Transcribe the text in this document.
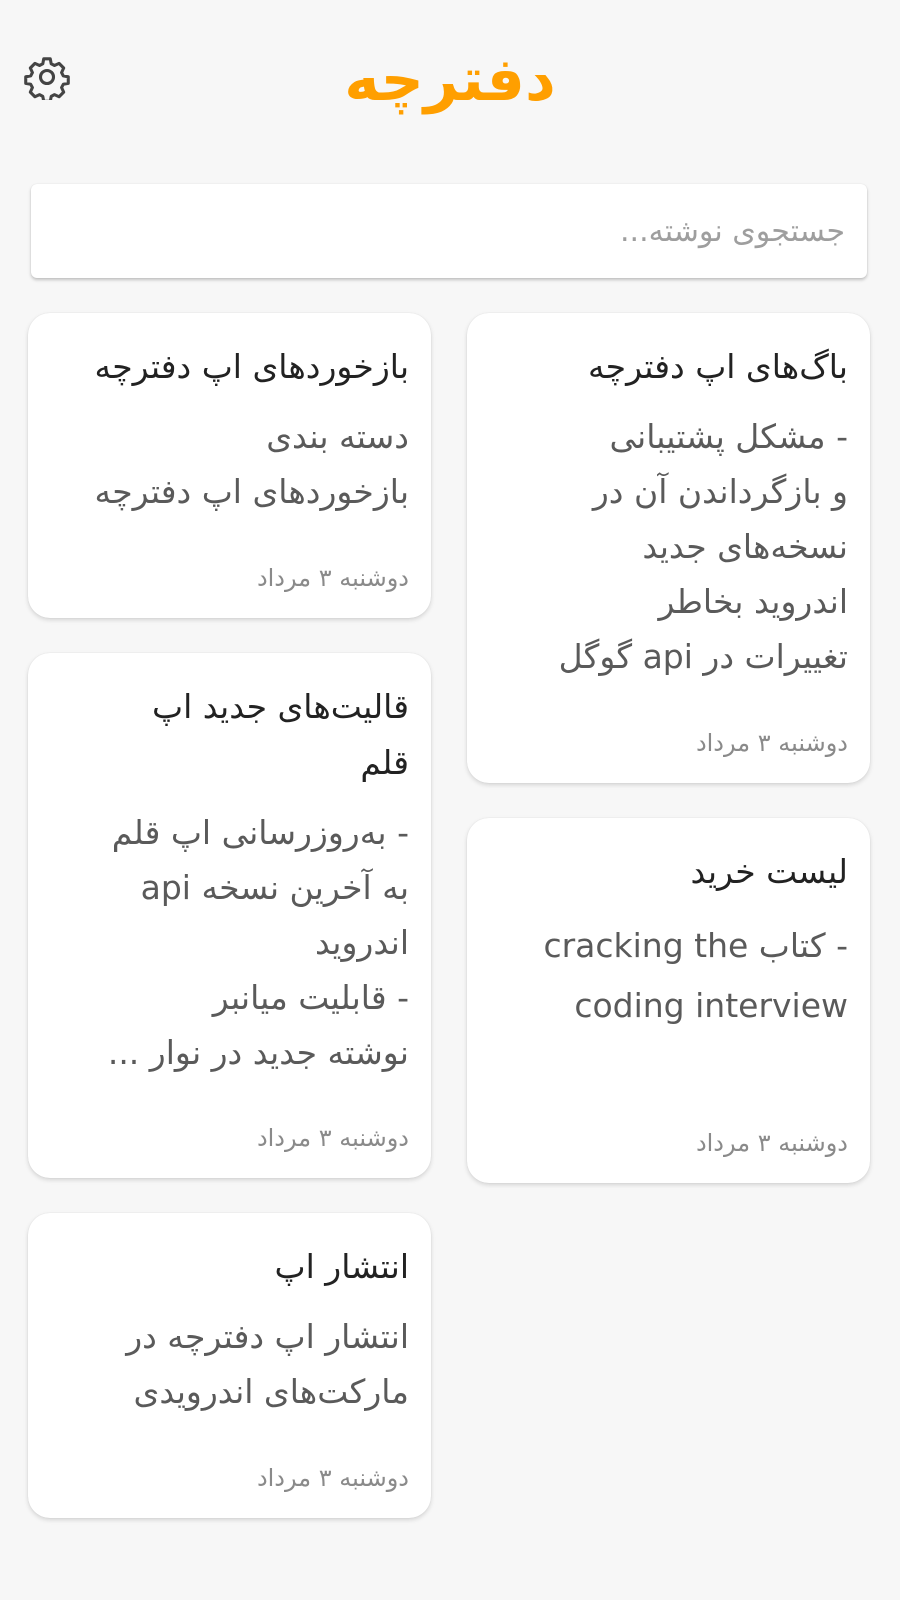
دفترچه
جستجوی نوشته...
باگ‌های اپ دفترچه
- مشکل پشتیبانی
و بازگرداندن آن در
نسخه‌های جدید
اندروید بخاطر
تغییرات در api گوگل
دوشنبه ۳ مرداد
لیست خرید
- کتاب cracking the
coding interview
دوشنبه ۳ مرداد
بازخوردهای اپ دفترچه
دسته بندی
بازخوردهای اپ دفترچه
دوشنبه ۳ مرداد
قالیت‌های جدید اپ
قلم
- به‌روزرسانی اپ قلم
به آخرین نسخه api
اندروید
- قابلیت میانبر
نوشته جدید در نوار ...
دوشنبه ۳ مرداد
انتشار اپ
انتشار اپ دفترچه در
مارکت‌های اندرویدی
دوشنبه ۳ مرداد
